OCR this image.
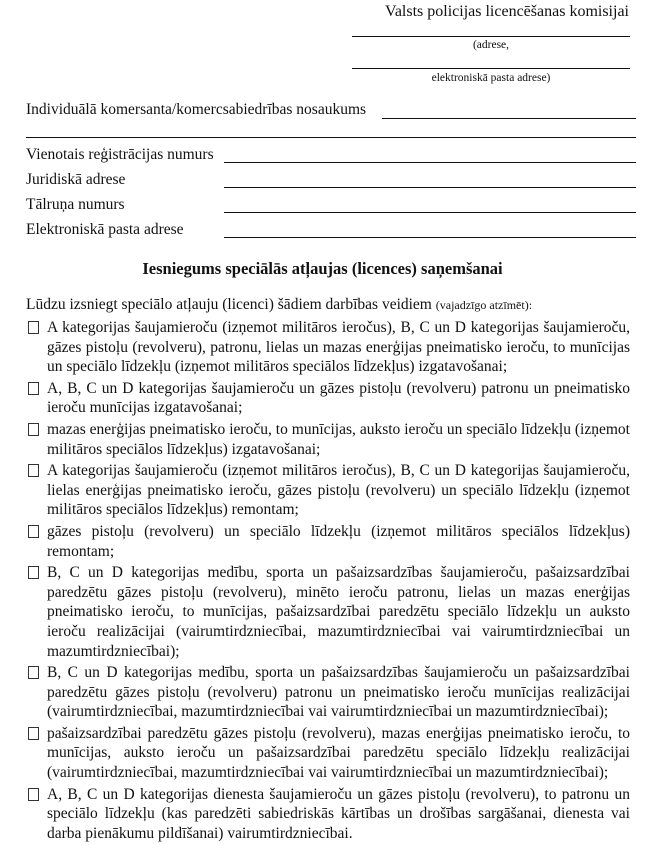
Valsts policijas licencēšanas komisijai
(adrese,
elektroniskā pasta adrese)
Individuālā komersanta/komercsabiedrības nosaukums
Vienotais reģistrācijas numurs
Juridiskā adrese
Tālruņa numurs
Elektroniskā pasta adrese
Iesniegums speciālās atļaujas (licences) saņemšanai
Lūdzu izsniegt speciālo atļauju (licenci) šādiem darbības veidiem (vajadzīgo atzīmēt):
A kategorijas šaujamieroču (izņemot militāros ieročus), B, C un D kategorijas šaujamieroču, gāzes pistoļu (revolveru), patronu, lielas un mazas enerģijas pneimatisko ieroču, to munīcijas un speciālo līdzekļu (izņemot militāros speciālos līdzekļus) izgatavošanai;
A, B, C un D kategorijas šaujamieroču un gāzes pistoļu (revolveru) patronu un pneimatisko ieroču munīcijas izgatavošanai;
mazas enerģijas pneimatisko ieroču, to munīcijas, auksto ieroču un speciālo līdzekļu (izņemot militāros speciālos līdzekļus) izgatavošanai;
A kategorijas šaujamieroču (izņemot militāros ieročus), B, C un D kategorijas šaujamieroču, lielas enerģijas pneimatisko ieroču, gāzes pistoļu (revolveru) un speciālo līdzekļu (izņemot militāros speciālos līdzekļus) remontam;
gāzes pistoļu (revolveru) un speciālo līdzekļu (izņemot militāros speciālos līdzekļus) remontam;
B, C un D kategorijas medību, sporta un pašaizsardzības šaujamieroču, pašaizsardzībai paredzētu gāzes pistoļu (revolveru), minēto ieroču patronu, lielas un mazas enerģijas pneimatisko ieroču, to munīcijas, pašaizsardzībai paredzētu speciālo līdzekļu un auksto ieroču realizācijai (vairumtirdzniecībai, mazumtirdzniecībai vai vairumtirdzniecībai un mazumtirdzniecībai);
B, C un D kategorijas medību, sporta un pašaizsardzības šaujamieroču un pašaizsardzībai paredzētu gāzes pistoļu (revolveru) patronu un pneimatisko ieroču munīcijas realizācijai (vairumtirdzniecībai, mazumtirdzniecībai vai vairumtirdzniecībai un mazumtirdzniecībai);
pašaizsardzībai paredzētu gāzes pistoļu (revolveru), mazas enerģijas pneimatisko ieroču, to munīcijas, auksto ieroču un pašaizsardzībai paredzētu speciālo līdzekļu realizācijai (vairumtirdzniecībai, mazumtirdzniecībai vai vairumtirdzniecībai un mazumtirdzniecībai);
A, B, C un D kategorijas dienesta šaujamieroču un gāzes pistoļu (revolveru), to patronu un speciālo līdzekļu (kas paredzēti sabiedriskās kārtības un drošības sargāšanai, dienesta vai darba pienākumu pildīšanai) vairumtirdzniecībai.
